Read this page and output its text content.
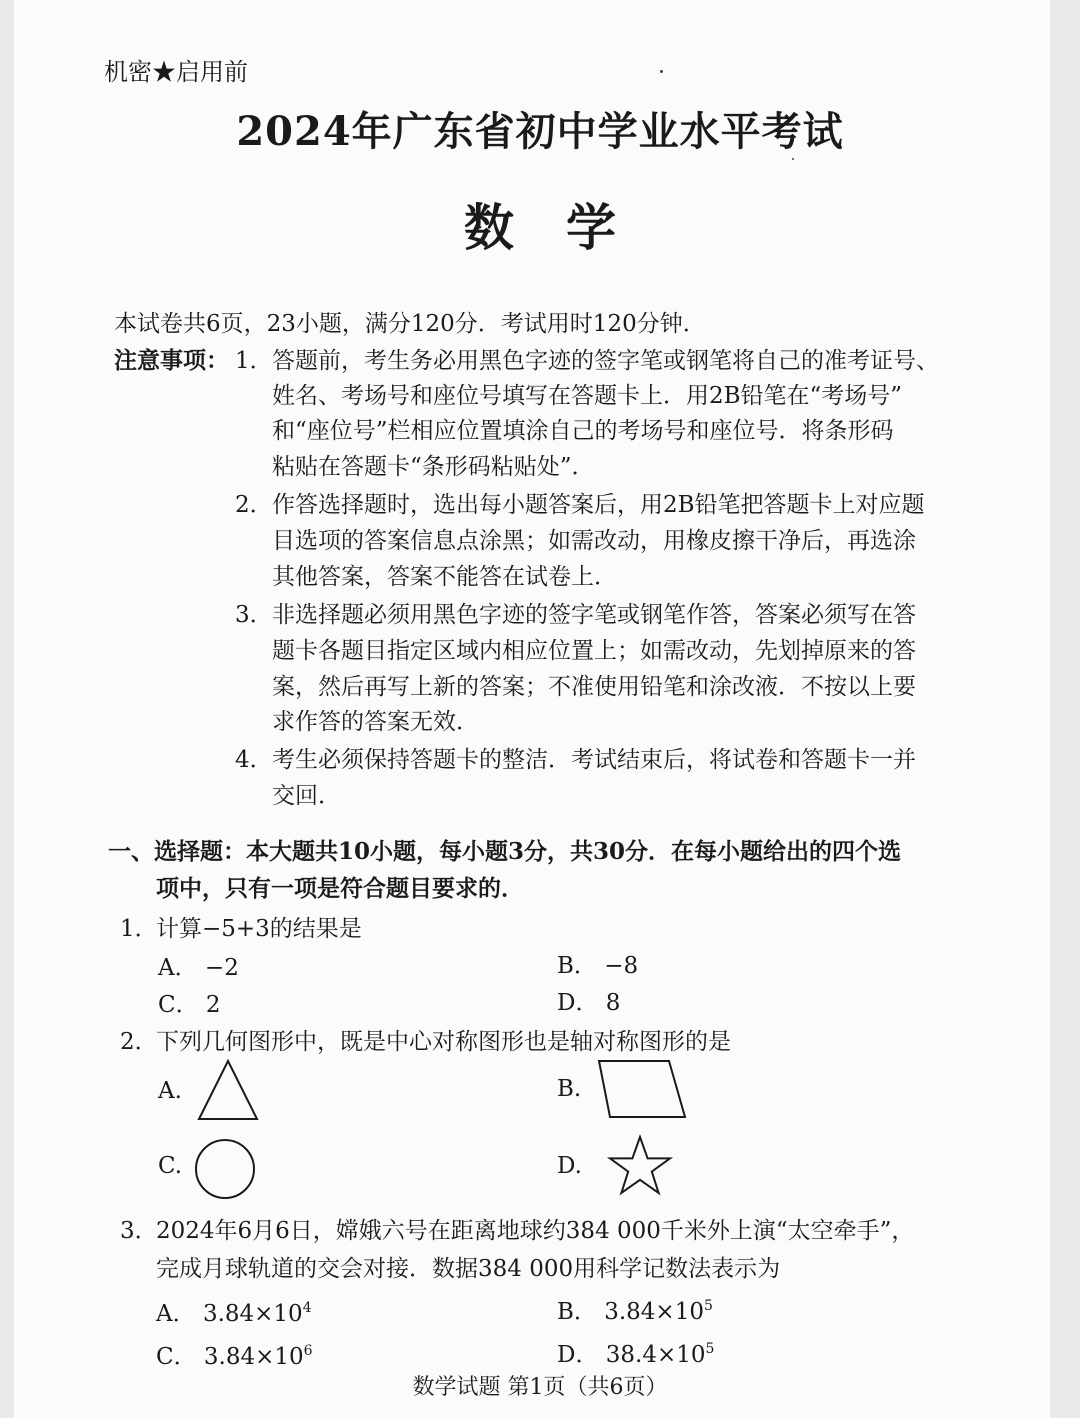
机密★启用前
2024年广东省初中学业水平考试
数学
本试卷共6页，23小题，满分120分．考试用时120分钟．
注意事项： 1． 答题前，考生务必用黑色字迹的签字笔或钢笔将自己的准考证号、
姓名、考场号和座位号填写在答题卡上．用2B铅笔在“考场号”
和“座位号”栏相应位置填涂自己的考场号和座位号．将条形码
粘贴在答题卡“条形码粘贴处”．
2． 作答选择题时，选出每小题答案后，用2B铅笔把答题卡上对应题
目选项的答案信息点涂黑；如需改动，用橡皮擦干净后，再选涂
其他答案，答案不能答在试卷上．
3． 非选择题必须用黑色字迹的签字笔或钢笔作答，答案必须写在答
题卡各题目指定区域内相应位置上；如需改动，先划掉原来的答
案，然后再写上新的答案；不准使用铅笔和涂改液．不按以上要
求作答的答案无效．
4． 考生必须保持答题卡的整洁．考试结束后，将试卷和答题卡一并
交回．
一、选择题：本大题共10小题，每小题3分，共30分．在每小题给出的四个选
项中，只有一项是符合题目要求的．
1．
计算−5+3的结果是
A． −2	B． −8
C． 2	D． 8
2．
下列几何图形中，既是中心对称图形也是轴对称图形的是
A.	B.
C.	D.
3．
2024年6月6日，嫦娥六号在距离地球约384 000千米外上演“太空牵手”，
完成月球轨道的交会对接．数据384 000用科学记数法表示为
A． $3.84\times 10^4$	B． $3.84\times 10^5$
C． $3.84\times 10^6$	D． $38.4\times 10^5$
数学试题 第1页（共6页）
